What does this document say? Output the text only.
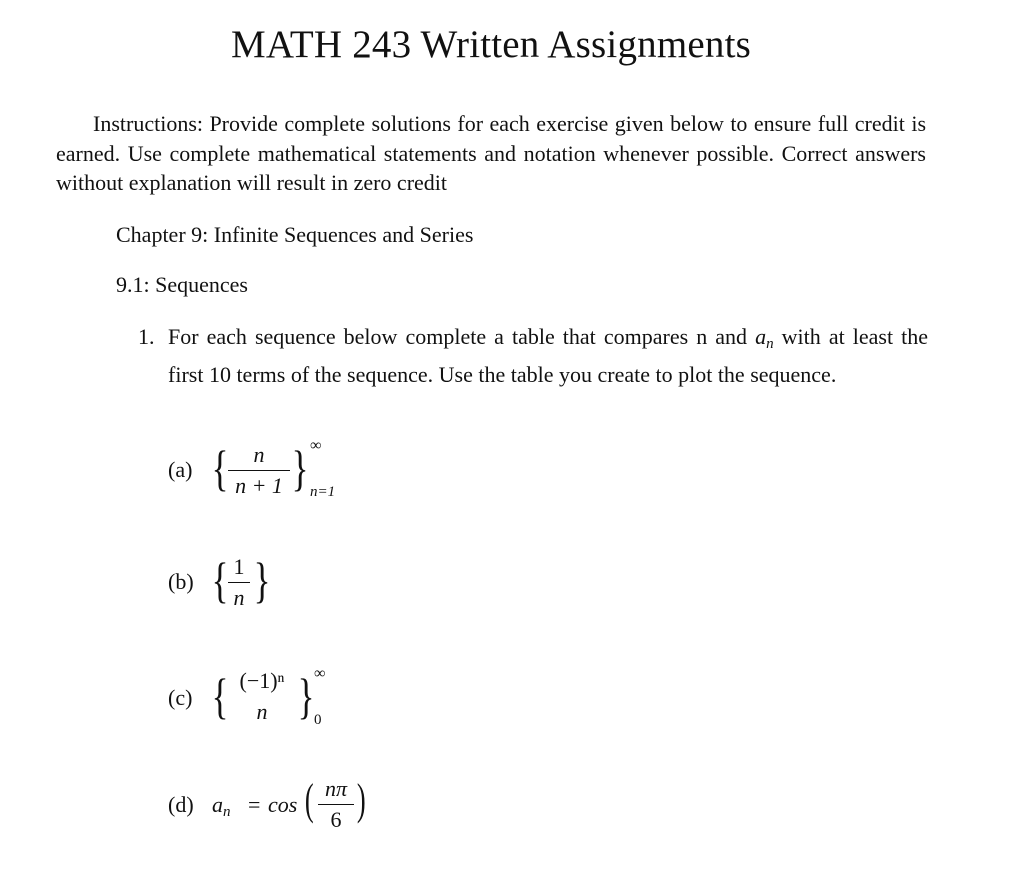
MATH 243 Written Assignments
Instructions: Provide complete solutions for each exercise given below to ensure full credit is earned. Use complete mathematical statements and notation whenever possible. Correct answers without explanation will result in zero credit
Chapter 9: Infinite Sequences and Series
9.1: Sequences
1. For each sequence below complete a table that compares n and $a_n$ with at least the first 10 terms of the sequence. Use the table you create to plot the sequence.
(a) {	n
n + 1 } ∞
n=1
(b) { 1
n }
(c) { (−1)ⁿ
n } ∞
0
(d) $a_n = \cos$ ( nπ
6 )
